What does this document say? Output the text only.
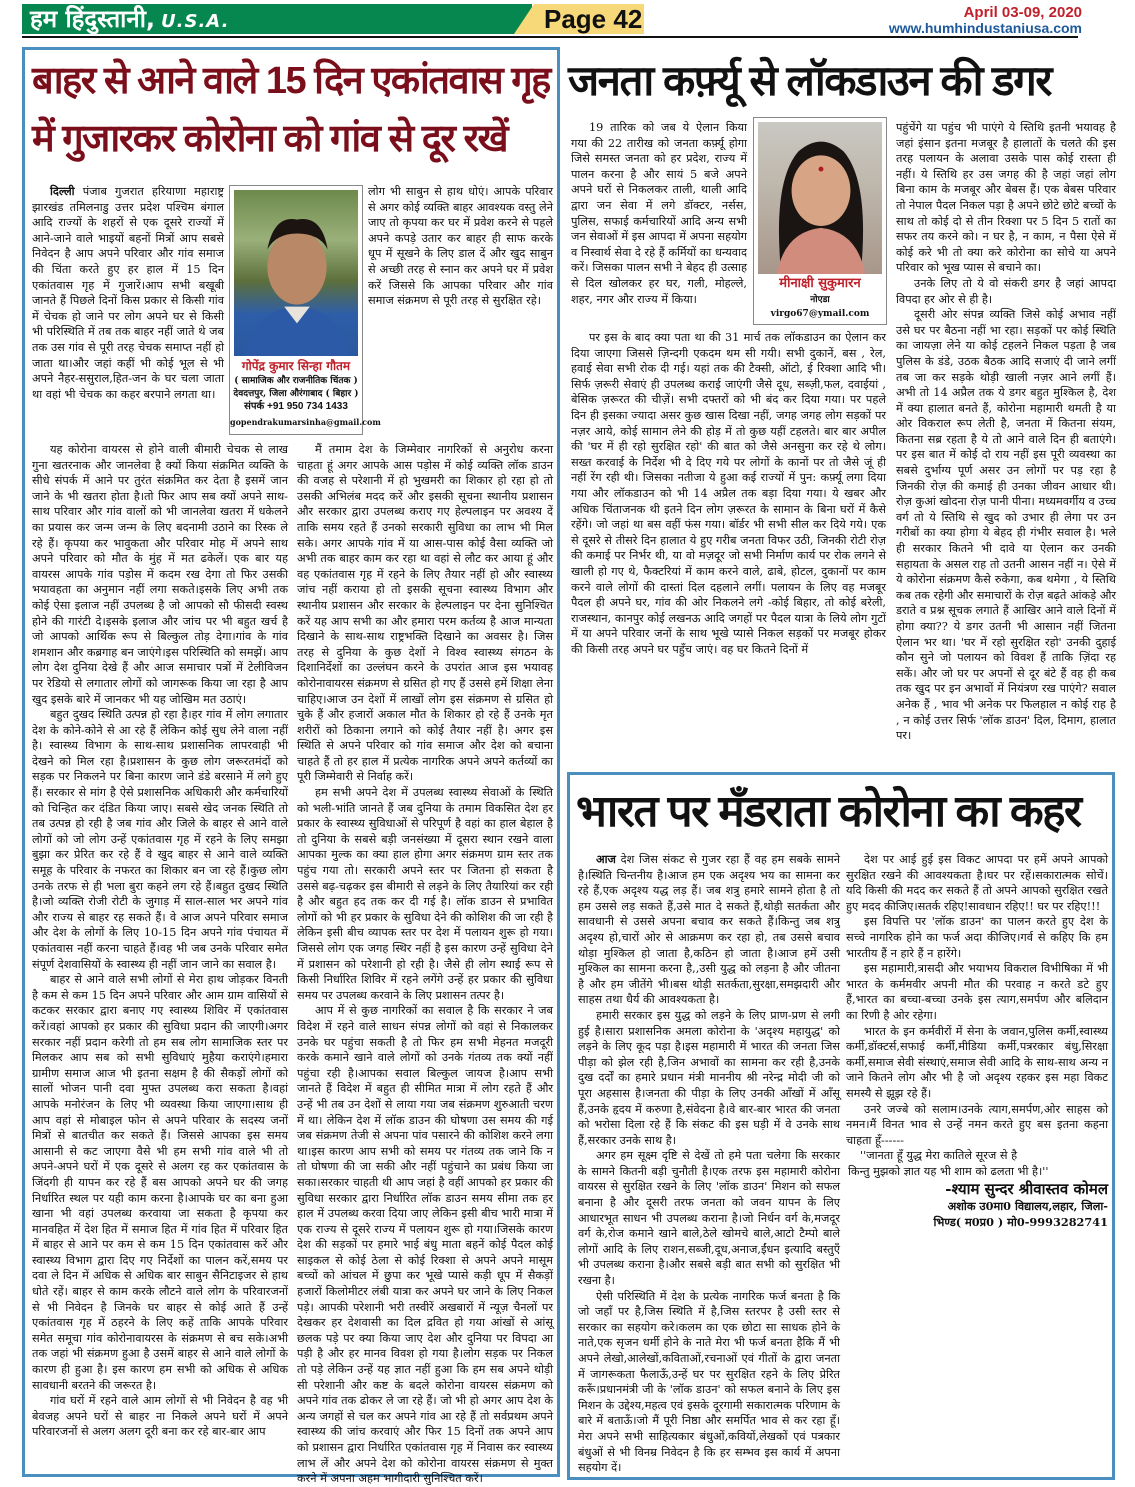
हम हिंदुस्तानी, U.S.A.	Page 42	April 03-09, 2020
www.humhindustaniusa.com
बाहर से आने वाले 15 दिन एकांतवास गृह
में गुजारकर कोरोना को गांव से दूर रखें

दिल्ली पंजाब गुजरात हरियाणा महाराष्ट्र झारखंड तमिलनाडु उत्तर प्रदेश पश्चिम बंगाल आदि राज्यों के शहरों से एक दूसरे राज्यों में आने-जाने वाले भाइयों बहनों मित्रों आप सबसे निवेदन है आप अपने परिवार और गांव समाज की चिंता करते हुए हर हाल में 15 दिन एकांतवास गृह में गुजारें।आप सभी बखूबी जानते हैं पिछले दिनों किस प्रकार से किसी गांव में चेचक हो जाने पर लोग अपने घर से किसी भी परिस्थिति में तब तक बाहर नहीं जाते थे जब तक उस गांव से पूरी तरह चेचक समाप्त नहीं हो जाता था।और जहां कहीं भी कोई भूल से भी अपने नैहर-ससुराल,हित-जन के घर चला जाता था वहां भी चेचक का कहर बरपाने लगता था।

गोपेंद्र कुमार सिन्हा गौतम
( सामाजिक और राजनीतिक चिंतक )
देवदत्तपुर, जिला औरंगाबाद ( बिहार )
संपर्क +91 950 734 1433
gopendrakumarsinha@gmail.com

यह कोरोना वायरस से होने वाली बीमारी चेचक से लाख गुना खतरनाक और जानलेवा है क्यों किया संक्रमित व्यक्ति के सीधे संपर्क में आने पर तुरंत संक्रमित कर देता है इसमें जान जाने के भी खतरा होता है।तो फिर आप सब क्यों अपने साथ-साथ परिवार और गांव वालों को भी जानलेवा खतरा में धकेलने का प्रयास कर जन्म जन्म के लिए बदनामी उठाने का रिस्क ले रहे हैं। कृपया कर भावुकता और परिवार मोह में अपने साथ अपने परिवार को मौत के मुंह में मत ढकेलें। एक बार यह वायरस आपके गांव पड़ोस में कदम रख देगा तो फिर उसकी भयावहता का अनुमान नहीं लगा सकते।इसके लिए अभी तक कोई ऐसा इलाज नहीं उपलब्ध है जो आपको सौ फीसदी स्वस्थ होने की गारंटी दे।इसके इलाज और जांच पर भी बहुत खर्च है जो आपको आर्थिक रूप से बिल्कुल तोड़ देगा।गांव के गांव शमशान और कब्रगाह बन जाएंगे।इस परिस्थिति को समझें। आप लोग देश दुनिया देखे हैं और आज समाचार पत्रों में टेलीविजन पर रेडियो से लगातार लोगों को जागरूक किया जा रहा है आप खुद इसके बारे में जानकर भी यह जोखिम मत उठाएं।

बहुत दुखद स्थिति उत्पन्न हो रहा है।हर गांव में लोग लगातार देश के कोने-कोने से आ रहे हैं लेकिन कोई सुध लेने वाला नहीं है। स्वास्थ्य विभाग के साथ-साथ प्रशासनिक लापरवाही भी देखने को मिल रहा है।प्रशासन के कुछ लोग जरूरतमंदों को सड़क पर निकलने पर बिना कारण जाने डंडे बरसाने में लगे हुए हैं। सरकार से मांग है ऐसे प्रशासनिक अधिकारी और कर्मचारियों को चिन्हित कर दंडित किया जाए। सबसे खेद जनक स्थिति तो तब उत्पन्न हो रही है जब गांव और जिले के बाहर से आने वाले लोगों को जो लोग उन्हें एकांतवास गृह में रहने के लिए समझा बुझा कर प्रेरित कर रहे हैं वे खुद बाहर से आने वाले व्यक्ति समूह के परिवार के नफरत का शिकार बन जा रहे हैं।कुछ लोग उनके तरफ से ही भला बुरा कहने लग रहे हैं।बहुत दुखद स्थिति है।जो व्यक्ति रोजी रोटी के जुगाड़ में साल-साल भर अपने गांव और राज्य से बाहर रह सकते हैं। वे आज अपने परिवार समाज और देश के लोगों के लिए 10-15 दिन अपने गांव पंचायत में एकांतवास नहीं करना चाहते हैं।वह भी जब उनके परिवार समेत संपूर्ण देशवासियों के स्वास्थ्य ही नहीं जान जाने का सवाल है।

बाहर से आने वाले सभी लोगों से मेरा हाथ जोड़कर विनती है कम से कम 15 दिन अपने परिवार और आम ग्राम वासियों से कटकर सरकार द्वारा बनाए गए स्वास्थ्य शिविर में एकांतवास करें।वहां आपको हर प्रकार की सुविधा प्रदान की जाएगी।अगर सरकार नहीं प्रदान करेगी तो हम सब लोग सामाजिक स्तर पर मिलकर आप सब को सभी सुविधाएं मुहैया कराएंगे।हमारा ग्रामीण समाज आज भी इतना सक्षम है की सैकड़ों लोगों को सालों भोजन पानी दवा मुफ्त उपलब्ध करा सकता है।वहां आपके मनोरंजन के लिए भी व्यवस्था किया जाएगा।साथ ही आप वहां से मोबाइल फोन से अपने परिवार के सदस्य जनों मित्रों से बातचीत कर सकते हैं। जिससे आपका इस समय आसानी से कट जाएगा वैसे भी हम सभी गांव वाले भी तो अपने-अपने घरों में एक दूसरे से अलग रह कर एकांतवास के जिंदगी ही यापन कर रहे हैं बस आपको अपने घर की जगह निर्धारित स्थल पर यही काम करना है।आपके घर का बना हुआ खाना भी वहां उपलब्ध करवाया जा सकता है कृपया कर मानवहित में देश हित में समाज हित में गांव हित में परिवार हित में बाहर से आने पर कम से कम 15 दिन एकांतवास करें और स्वास्थ्य विभाग द्वारा दिए गए निर्देशों का पालन करें,समय पर दवा ले दिन में अधिक से अधिक बार साबुन सैनिटाइजर से हाथ धोते रहें। बाहर से काम करके लौटने वाले लोग के परिवारजनों से भी निवेदन है जिनके घर बाहर से कोई आते हैं उन्हें एकांतवास गृह में ठहरने के लिए कहें ताकि आपके परिवार समेत समूचा गांव कोरोनावायरस के संक्रमण से बच सके।अभी तक जहां भी संक्रमण हुआ है उसमें बाहर से आने वाले लोगों के कारण ही हुआ है। इस कारण हम सभी को अधिक से अधिक सावधानी बरतने की जरूरत है।

गांव घरों में रहने वाले आम लोगों से भी निवेदन है वह भी बेवजह अपने घरों से बाहर ना निकले अपने घरों में अपने परिवारजनों से अलग अलग दूरी बना कर रहे बार-बार आप

लोग भी साबुन से हाथ धोएं। आपके परिवार से अगर कोई व्यक्ति बाहर आवश्यक वस्तु लेने जाए तो कृपया कर घर में प्रवेश करने से पहले अपने कपड़े उतार कर बाहर ही साफ करके धूप में सूखने के लिए डाल दें और खुद साबुन से अच्छी तरह से स्नान कर अपने घर में प्रवेश करें जिससे कि आपका परिवार और गांव समाज संक्रमण से पूरी तरह से सुरक्षित रहे।

मैं तमाम देश के जिम्मेवार नागरिकों से अनुरोध करना चाहता हूं अगर आपके आस पड़ोस में कोई व्यक्ति लॉक डाउन की वजह से परेशानी में हो भुखमरी का शिकार हो रहा हो तो उसकी अभिलंब मदद करें और इसकी सूचना स्थानीय प्रशासन और सरकार द्वारा उपलब्ध कराए गए हेल्पलाइन पर अवश्य दें ताकि समय रहते हैं उनको सरकारी सुविधा का लाभ भी मिल सके। अगर आपके गांव में या आस-पास कोई वैसा व्यक्ति जो अभी तक बाहर काम कर रहा था वहां से लौट कर आया हूं और वह एकांतवास गृह में रहने के लिए तैयार नहीं हो और स्वास्थ्य जांच नहीं कराया हो तो इसकी सूचना स्वास्थ्य विभाग और स्थानीय प्रशासन और सरकार के हेल्पलाइन पर देना सुनिश्चित करें यह आप सभी का और हमारा परम कर्तव्य है आज मान्यता दिखाने के साथ-साथ राष्ट्रभक्ति दिखाने का अवसर है। जिस तरह से दुनिया के कुछ देशों ने विश्व स्वास्थ्य संगठन के दिशानिर्देशों का उल्लंघन करने के उपरांत आज इस भयावह कोरोनावायरस संक्रमण से ग्रसित हो गए हैं उससे हमें शिक्षा लेना चाहिए।आज उन देशों में लाखों लोग इस संक्रमण से ग्रसित हो चुके हैं और हजारों अकाल मौत के शिकार हो रहे हैं उनके मृत शरीरों को ठिकाना लगाने को कोई तैयार नहीं है। अगर इस स्थिति से अपने परिवार को गांव समाज और देश को बचाना चाहते हैं तो हर हाल में प्रत्येक नागरिक अपने अपने कर्तव्यों का पूरी जिम्मेवारी से निर्वाह करें।

हम सभी अपने देश में उपलब्ध स्वास्थ्य सेवाओं के स्थिति को भली-भांति जानते हैं जब दुनिया के तमाम विकसित देश हर प्रकार के स्वास्थ्य सुविधाओं से परिपूर्ण है वहां का हाल बेहाल है तो दुनिया के सबसे बड़ी जनसंख्या में दूसरा स्थान रखने वाला आपका मुल्क का क्या हाल होगा अगर संक्रमण ग्राम स्तर तक पहुंच गया तो। सरकारी अपने स्तर पर जितना हो सकता है उससे बढ़-चढ़कर इस बीमारी से लड़ने के लिए तैयारियां कर रही है और बहुत हद तक कर दी गई है। लॉक डाउन से प्रभावित लोगों को भी हर प्रकार के सुविधा देने की कोशिश की जा रही है लेकिन इसी बीच व्यापक स्तर पर देश में पलायन शुरू हो गया।जिससे लोग एक जगह स्थिर नहीं है इस कारण उन्हें सुविधा देने में प्रशासन को परेशानी हो रही है। जैसे ही लोग स्थाई रूप से किसी निर्धारित शिविर में रहने लगेंगे उन्हें हर प्रकार की सुविधा समय पर उपलब्ध करवाने के लिए प्रशासन तत्पर है।

आप में से कुछ नागरिकों का सवाल है कि सरकार ने जब विदेश में रहने वाले साधन संपन्न लोगों को वहां से निकालकर उनके घर पहुंचा सकती है तो फिर हम सभी मेहनत मजदूरी करके कमाने खाने वाले लोगों को उनके गंतव्य तक क्यों नहीं पहुंचा रही है।आपका सवाल बिल्कुल जायज है।आप सभी जानते हैं विदेश में बहुत ही सीमित मात्रा में लोग रहते हैं और उन्हें भी तब उन देशों से लाया गया जब संक्रमण शुरुआती चरण में था। लेकिन देश में लॉक डाउन की घोषणा उस समय की गई जब संक्रमण तेजी से अपना पांव पसारने की कोशिश करने लगा था।इस कारण आप सभी को समय पर गंतव्य तक जाने कि न तो घोषणा की जा सकी और नहीं पहुंचाने का प्रबंध किया जा सका।सरकार चाहती थी आप जहां है वहीं आपको हर प्रकार की सुविधा सरकार द्वारा निर्धारित लॉक डाउन समय सीमा तक हर हाल में उपलब्ध करवा दिया जाए लेकिन इसी बीच भारी मात्रा में एक राज्य से दूसरे राज्य में पलायन शुरू हो गया।जिसके कारण देश की सड़कों पर हमारे भाई बंधु माता बहनें कोई पैदल कोई साइकल से कोई ठेला से कोई रिक्शा से अपने अपने मासूम बच्चों को आंचल में छुपा कर भूखे प्यासे कड़ी धूप में सैकड़ों हजारों किलोमीटर लंबी यात्रा कर अपने घर जाने के लिए निकल पड़े। आपकी परेशानी भरी तस्वीरें अखबारों में न्यूज़ चैनलों पर देखकर हर देशवासी का दिल द्रवित हो गया आंखों से आंसू छलक पड़े पर क्या किया जाए देश और दुनिया पर विपदा आ पड़ी है और हर मानव विवश हो गया है।लोग सड़क पर निकल तो पड़े लेकिन उन्हें यह ज्ञात नहीं हुआ कि हम सब अपने थोड़ी सी परेशानी और कष्ट के बदले कोरोना वायरस संक्रमण को अपने गांव तक ढोकर ले जा रहे हैं। जो भी हो अगर आप देश के अन्य जगहों से चल कर अपने गांव आ रहे हैं तो सर्वप्रथम अपने स्वास्थ्य की जांच करवाएं और फिर 15 दिनों तक अपने आप को प्रशासन द्वारा निर्धारित एकांतवास गृह में निवास कर स्वास्थ्य लाभ लें और अपने देश को कोरोना वायरस संक्रमण से मुक्त करने में अपना अहम भागीदारी सुनिश्चित करें।

जनता कर्फ़्यू से लॉकडाउन की डगर
मीनाक्षी सुकुमारन
नोएडा
virgo67@ymail.com

19 तारिक को जब ये ऐलान किया गया की 22 तारीख को जनता कर्फ़्यू होगा जिसे समस्त जनता को हर प्रदेश, राज्य में पालन करना है और सायं 5 बजे अपने अपने घरों से निकलकर ताली, थाली आदि द्वारा जन सेवा में लगे डॉक्टर, नर्सस, पुलिस, सफाई कर्मचारियों आदि अन्य सभी जन सेवाओं में इस आपदा में अपना सहयोग व निस्वार्थ सेवा दे रहे हैं कर्मियों का धन्यवाद करें। जिसका पालन सभी ने बेहद ही उत्साह से दिल खोलकर हर घर, गली, मोहल्ले, शहर, नगर और राज्य में किया।

पर इस के बाद क्या पता था की 31 मार्च तक लॉकडाउन का ऐलान कर दिया जाएगा जिससे ज़िन्दगी एकदम थम सी गयी। सभी दुकानें, बस , रेल, हवाई सेवा सभी रोक दी गई। यहां तक की टैक्सी, ऑटो, ई रिक्शा आदि भी। सिर्फ ज़रूरी सेवाएं ही उपलब्ध कराई जाएंगी जैसे दूध, सब्ज़ी,फल, दवाईयां , बेसिक ज़रूरत की चीज़ें। सभी दफ्तरों को भी बंद कर दिया गया। पर पहले दिन ही इसका ज्यादा असर कुछ खास दिखा नहीं, जगह जगह लोग सड़कों पर नज़र आये, कोई सामान लेने की होड़ में तो कुछ यहीं टहलते। बार बार अपील की 'घर में ही रहो सुरक्षित रहो' की बात को जैसे अनसुना कर रहे थे लोग। सख्त करवाई के निर्देश भी दे दिए गये पर लोगों के कानों पर तो जैसे जूं ही नहीं रेंग रही थी। जिसका नतीजा ये हुआ कई राज्यों में पुन: कर्फ़्यू लगा दिया गया और लॉकडाउन को भी 14 अप्रैल तक बड़ा दिया गया। ये खबर और अधिक चिंताजनक थी इतने दिन लोग ज़रूरत के सामान के बिना घरों में कैसे रहेंगे। जो जहां था बस वहीं फंस गया। बॉर्डर भी सभी सील कर दिये गये। एक से दूसरे से तीसरे दिन हालात ये हुए गरीब जनता विफर उठी, जिनकी रोटी रोज़ की कमाई पर निर्भर थी, या वो मज़दूर जो सभी निर्माण कार्य पर रोक लगने से खाली हो गए थे, फैक्टरियां में काम करने वाले, ढाबे, होटल, दुकानों पर काम करने वाले लोगों की दास्तां दिल दहलाने लगीं। पलायन के लिए वह मजबूर पैदल ही अपने घर, गांव की ओर निकलने लगे -कोई बिहार, तो कोई बरेली, राजस्थान, कानपुर कोई लखनऊ आदि जगहों पर पैदल यात्रा के लिये लोग गुटों में या अपने परिवार जनों के साथ भूखे प्यासे निकल सड़कों पर मजबूर होकर की किसी तरह अपने घर पहुँच जाएं। वह घर कितने दिनों में

पहुंचेंगे या पहुंच भी पाएंगे ये स्तिथि इतनी भयावह है जहां इंसान इतना मजबूर है हालातों के चलते की इस तरह पलायन के अलावा उसके पास कोई रास्ता ही नहीं। ये स्तिथि हर उस जगह की है जहां जहां लोग बिना काम के मजबूर और बेबस हैं। एक बेबस परिवार तो नेपाल पैदल निकल पड़ा है अपने छोटे छोटे बच्चों के साथ तो कोई दो से तीन रिक्शा पर 5 दिन 5 रातों का सफर तय करने को। न घर है, न काम, न पैसा ऐसे में कोई करे भी तो क्या करे कोरोना का सोचे या अपने परिवार को भूख प्यास से बचाने का।

उनके लिए तो ये वो संकरी डगर है जहां आपदा विपदा हर ओर से ही है।

दूसरी ओर संपन्न व्यक्ति जिसे कोई अभाव नहीं उसे घर पर बैठना नहीं भा रहा। सड़कों पर कोई स्थिति का जायज़ा लेने या कोई टहलने निकल पड़ता है जब पुलिस के डंडे, उठक बैठक आदि सजाएं दी जाने लगीं तब जा कर सड़के थोड़ी खाली नज़र आने लगीं हैं। अभी तो 14 अप्रैल तक ये डगर बहुत मुश्किल है, देश में क्या हालात बनते हैं, कोरोना महामारी थमती है या ओर विकराल रूप लेती है, जनता में कितना संयम, कितना सब्र रहता है ये तो आने वाले दिन ही बताएंगे। पर इस बात में कोई दो राय नहीं इस पूरी व्यवस्था का सबसे दुर्भाग्य पूर्ण असर उन लोगों पर पड़ रहा है जिनकी रोज़ की कमाई ही उनका जीवन आधार थी। रोज़ कुआं खोदना रोज़ पानी पीना। मध्यमवर्गीय व उच्च वर्ग तो ये स्तिथि से खुद को उभार ही लेगा पर उन गरीबों का क्या होगा ये बेहद ही गंभीर सवाल है। भले ही सरकार कितने भी दावे या ऐलान कर उनकी सहायता के असल राह तो उतनी आसन नहीं न। ऐसे में ये कोरोना संक्रमण कैसे रुकेगा, कब थमेगा , ये स्तिथि कब तक रहेगी और समाचारों के रोज़ बढ़ते आंकड़े और डराते व प्रश्न सूचक लगाते हैं आखिर आने वाले दिनों में होगा क्या?? ये डगर उतनी भी आसान नहीं जितना ऐलान भर था। 'घर में रहो सुरक्षित रहो' उनकी दुहाई कौन सुने जो पलायन को विवश हैं ताकि ज़िंदा रह सकें। और जो घर पर अपनों से दूर बंटे हैं वह ही कब तक खुद पर इन अभावों में नियंत्रण रख पाएंगे? सवाल अनेक हैं , भाव भी अनेक पर फिलहाल न कोई राह है , न कोई उत्तर सिर्फ 'लॉक डाउन' दिल, दिमाग, हालात पर।

भारत पर मँडराता कोरोना का कहर

आज देश जिस संकट से गुजर रहा हैं वह हम सबके सामने है।स्थिति चिन्तनीय है।आज हम एक अदृश्य भय का सामना कर रहे हैं,एक अदृश्य यद्ध लड़ हैं। जब शत्रु हमारे सामने होता है तो हम उससे लड़ सकते हैं,उसे मात दे सकते हैं,थोड़ी सतर्कता और सावधानी से उससे अपना बचाव कर सकते हैं।किन्तु जब शत्रु अदृश्य हो,चारों ओर से आक्रमण कर रहा हो, तब उससे बचाव थोड़ा मुश्किल हो जाता है,कठिन हो जाता है।आज हमें उसी मुश्किल का सामना करना है,,उसी युद्ध को लड़ना है और जीतना है और हम जीतेंगे भी।बस थोड़ी सतर्कता,सुरक्षा,समझदारी और साहस तथा धैर्य की आवश्यकता है।

हमारी सरकार इस युद्ध को लड़ने के लिए प्राण-प्रण से लगी हुई है।सारा प्रशासनिक अमला कोरोना के 'अदृश्य महायुद्ध' को लड़ने के लिए कूद पड़ा है।इस महामारी में भारत की जनता जिस पीड़ा को झेल रही है,जिन अभावों का सामना कर रही है,उनके दुख दर्दों का हमारे प्रधान मंत्री माननीय श्री नरेन्द्र मोदी जी को पूरा अहसास है।जनता की पीड़ा के लिए उनकी आँखों में आँसू हैं,उनके हृदय में करुणा है,संवेदना है।वे बार-बार भारत की जनता को भरोसा दिला रहे हैं कि संकट की इस घड़ी में वे उनके साथ हैं,सरकार उनके साथ है।

अगर हम सूक्ष्म दृष्टि से देखें तो हमे पता चलेगा कि सरकार के सामने कितनी बड़ी चुनौती है।एक तरफ इस महामारी कोरोना वायरस से सुरक्षित रखने के लिए 'लॉक डाउन' मिशन को सफल बनाना है और दूसरी तरफ जनता को जवन यापन के लिए आधारभूत साधन भी उपलब्ध कराना है।जो निर्धन वर्ग के,मजदूर वर्ग के,रोज कमाने खाने बाले,ठेले खोमचे बाले,आटो टैम्पो बाले लोगों आदि के लिए राशन,सब्जी,दूध,अनाज,ईंधन इत्यादि बस्तुएँ भी उपलब्ध कराना है।और सबसे बड़ी बात सभी को सुरक्षित भी रखना है।

ऐसी परिस्थिति में देश के प्रत्येक नागरिक फर्ज बनता है कि जो जहाँ पर है,जिस स्थिति में है,जिस स्तरपर है उसी स्तर से सरकार का सहयोग करे।कलम का एक छोटा सा साधक होने के नाते,एक सृजन धर्मी होने के नाते मेरा भी फर्ज बनता हैकि मैं भी अपने लेखो,आलेखों,कविताओं,रचनाओं एवं गीतों के द्वारा जनता में जागरूकता फैलाऊँ,उन्हें घर पर सुरक्षित रहने के लिए प्रेरित करूँ।प्रधानमंत्री जी के 'लॉक डाउन' को सफल बनाने के लिए इस मिशन के उद्देश्य,महत्व एवं इसके दूरगामी सकारात्मक परिणाम के बारे में बताऊँ।जो मैं पूरी निष्ठा और समर्पित भाव से कर रहा हूँ।मेरा अपने सभी साहित्यकार बंधुओं,कवियों,लेखकों एवं पत्रकार बंधुओं से भी विनम्र निवेदन है कि हर सम्भव इस कार्य में अपना सहयोग दें।

देश पर आई हुई इस विकट आपदा पर हमें अपने आपको सुरक्षित रखने की आवश्यकता है।घर पर रहें।सकारात्मक सोचें।यदि किसी की मदद कर सकते हैं तो अपने आपको सुरक्षित रखते हुए मदद कीजिए।सतर्क रहिए!सावधान रहिए!! घर पर रहिए!!!

इस विपत्ति पर 'लॉक डाउन' का पालन करते हुए देश के सच्चे नागरिक होने का फर्ज अदा कीजिए।गर्व से कहिए कि हम भारतीय हैं न हारे हैं न हारेंगे।

इस महामारी,त्रासदी और भयाभय विकराल विभीषिका में भी भारत के कर्ममवीर अपनी मौत की परवाह न करते डटे हुए हैं,भारत का बच्चा-बच्चा उनके इस त्याग,समर्पण और बलिदान का रिणी है ओर रहेगा।

भारत के इन कर्मवीरों में सेना के जवान,पुलिस कर्मी,स्वास्थ्य कर्मी,डॉक्टर्स,सफाई कर्मी,मीडिया कर्मी,पत्ररकार बंधु,सिरक्षा कर्मी,समाज सेवी संस्थाएं,समाज सेवी आदि के साथ-साथ अन्य न जाने कितने लोग और भी है जो अदृश्य रहकर इस महा विकट समस्यै से झूझ रहे हैं।

उनरे जज्बे को सलाम।उनके त्याग,समर्पण,ओर साहस को नमन।मैं विनत भाव से उन्हें नमन करते हुए बस इतना कहना चाहता हूँ------

''जानता हूँ युद्ध मेरा कातिले सूरज से है

किन्तु मुझको ज्ञात यह भी शाम को ढलता भी है।''

-श्याम सुन्दर श्रीवास्तव कोमल

अशोक उ0मा0 विद्यालय,लहार, जिला-

भिण्ड( म0प्र0 ) मो0-9993282741
